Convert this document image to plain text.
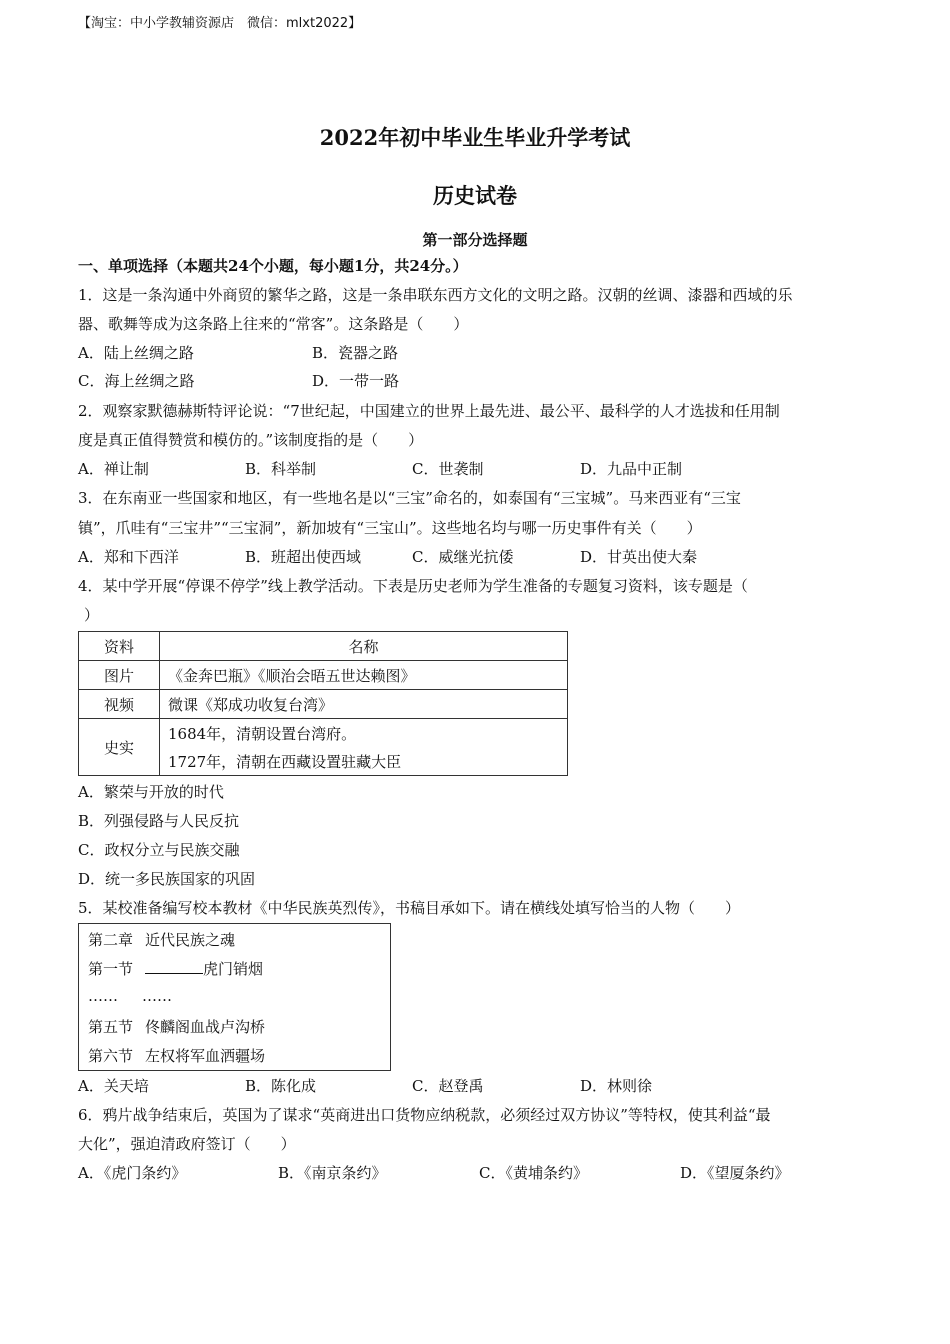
【淘宝：中小学教辅资源店　微信：mlxt2022】
2022年初中毕业生毕业升学考试
历史试卷
第一部分选择题
一、单项选择（本题共24个小题，每小题1分，共24分。）
1．这是一条沟通中外商贸的繁华之路，这是一条串联东西方文化的文明之路。汉朝的丝调、漆器和西域的乐
器、歌舞等成为这条路上往来的“常客”。这条路是（　　）
A．陆上丝绸之路	B．瓷器之路
C．海上丝绸之路	D．一带一路
2．观察家默德赫斯特评论说：“7世纪起，中国建立的世界上最先进、最公平、最科学的人才选拔和任用制
度是真正值得赞赏和模仿的。”该制度指的是（　　）
A．禅让制	B．科举制	C．世袭制	D．九品中正制
3．在东南亚一些国家和地区，有一些地名是以“三宝”命名的，如泰国有“三宝城”。马来西亚有“三宝
镇”，爪哇有“三宝井”“三宝洞”，新加坡有“三宝山”。这些地名均与哪一历史事件有关（　　）
A．郑和下西洋	B．班超出使西域	C．威继光抗倭	D．甘英出使大秦
4．某中学开展“停课不停学”线上教学活动。下表是历史老师为学生准备的专题复习资料，该专题是（
）
资料	名称
图片	《金奔巴瓶》《顺治会晤五世达赖图》
视频	微课《郑成功收复台湾》
史实	1684年，清朝设置台湾府。
	1727年，清朝在西藏设置驻藏大臣
A．繁荣与开放的时代
B．列强侵路与人民反抗
C．政权分立与民族交融
D．统一多民族国家的巩固
5．某校准备编写校本教材《中华民族英烈传》，书稿目承如下。请在横线处填写恰当的人物（　　）
第二章 近代民族之魂
第一节	虎门销烟
…… ……
第五节 佟麟阁血战卢沟桥
第六节 左权将军血洒疆场
A．关天培	B．陈化成	C．赵登禹	D．林则徐
6．鸦片战争结束后，英国为了谋求“英商进出口货物应纳税款，必须经过双方协议”等特权，使其利益“最
大化”，强迫清政府签订（　　）
A．《虎门条约》	B．《南京条约》	C．《黄埔条约》	D．《望厦条约》
